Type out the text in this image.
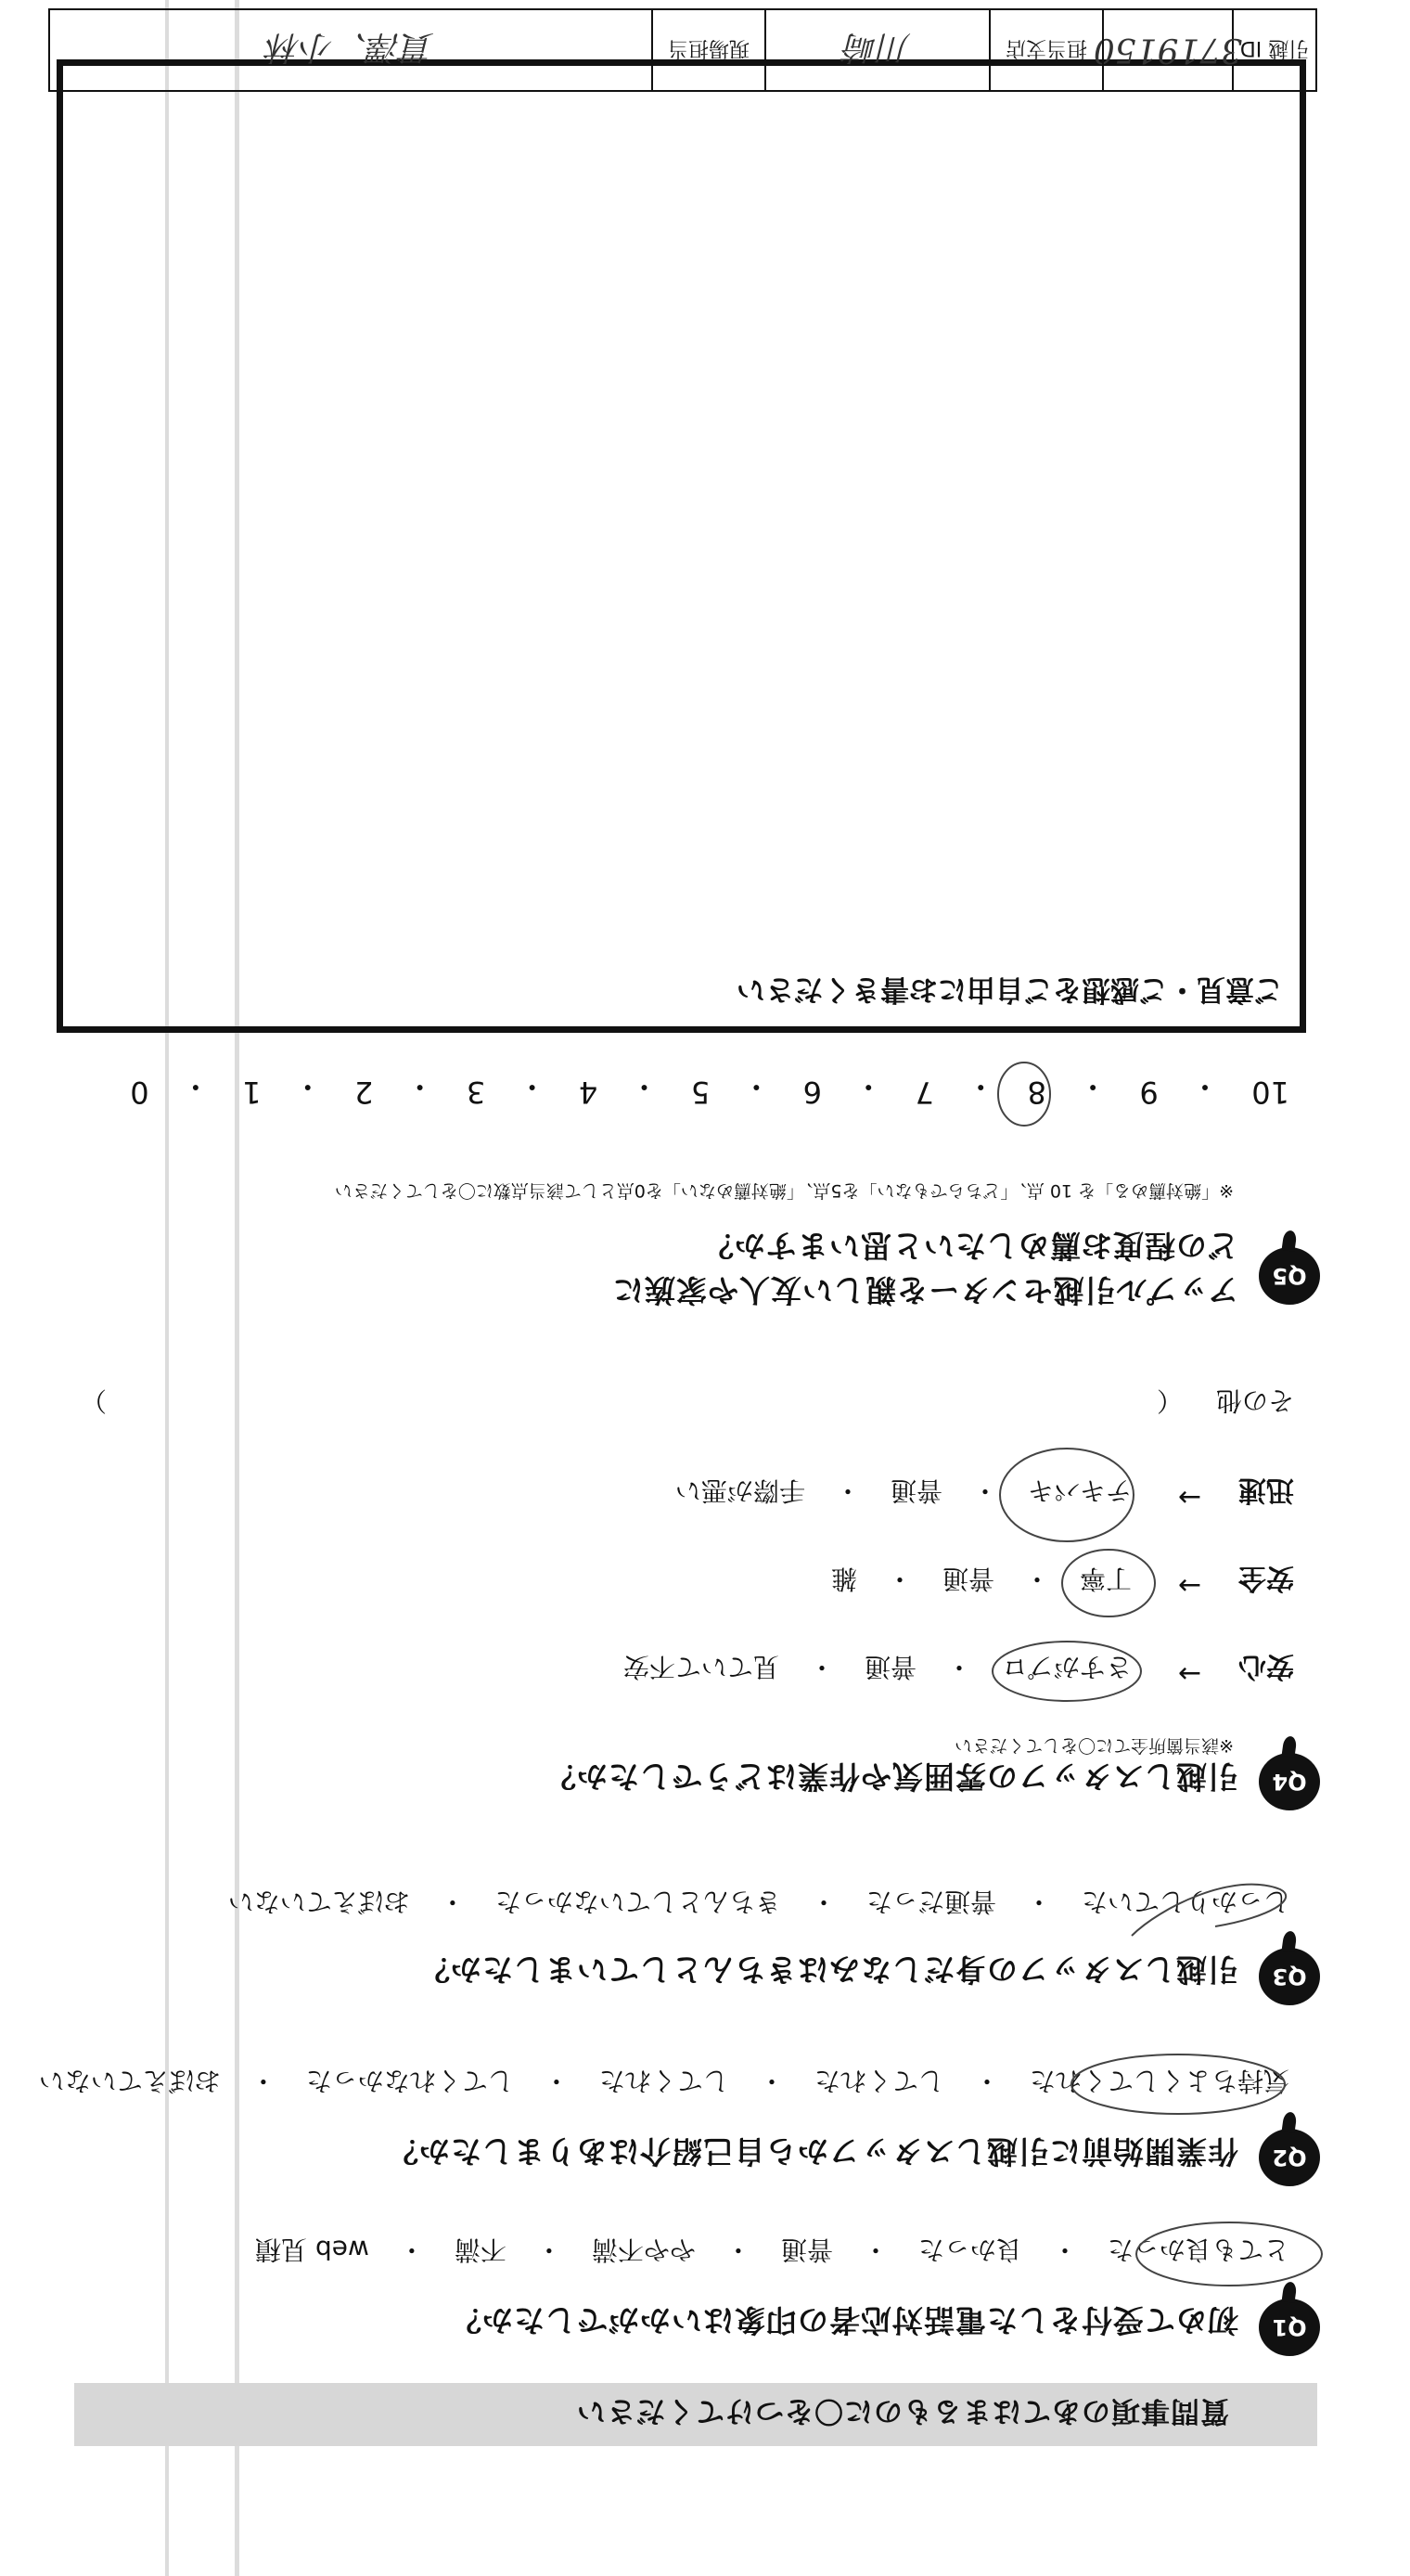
質問事項のあてはまるものに〇をつけてください
Q1
初めて受付をした電話対応者の印象はいかがでしたか？
とても良かった
・
良かった
・
普通
・
やや不満
・
不満
・
web 見積
Q2
作業開始前に引越しスタッフから自己紹介はありましたか？
気持ちよくしてくれた
・
してくれた
・
してくれた
・
してくれなかった
・
おぼえていない
Q3
引越しスタッフの身だしなみはきちんとしていましたか？
しっかりしていた
・
普通だった
・
きちんとしていなかった
・
おぼえていない
Q4
引越しスタッフの雰囲気や作業はどうでしたか？
※該当箇所全てに〇をしてください
安心
→
さすがプロ
・
普通
・
見ていて不安
安全
→
丁寧
・
普通
・
雑
迅速
→
テキパキ
・
普通
・
手際が悪い
その他
（
）
Q5
アップル引越センターを親しい友人や家族に
どの程度お薦めしたいと思いますか？
※「絶対薦める」を 10 点、「どちらでもない」を5点、「絶対薦めない」を0点として該当点数に〇をしてください
10
・
9
・
8
・
7
・
6
・
5
・
4
・
3
・
2
・
1
・
0
ご意見・ご感想をご自由にお書きください
引越 ID
3719150
担当支店
川崎
現場担当
貫澤、小林
